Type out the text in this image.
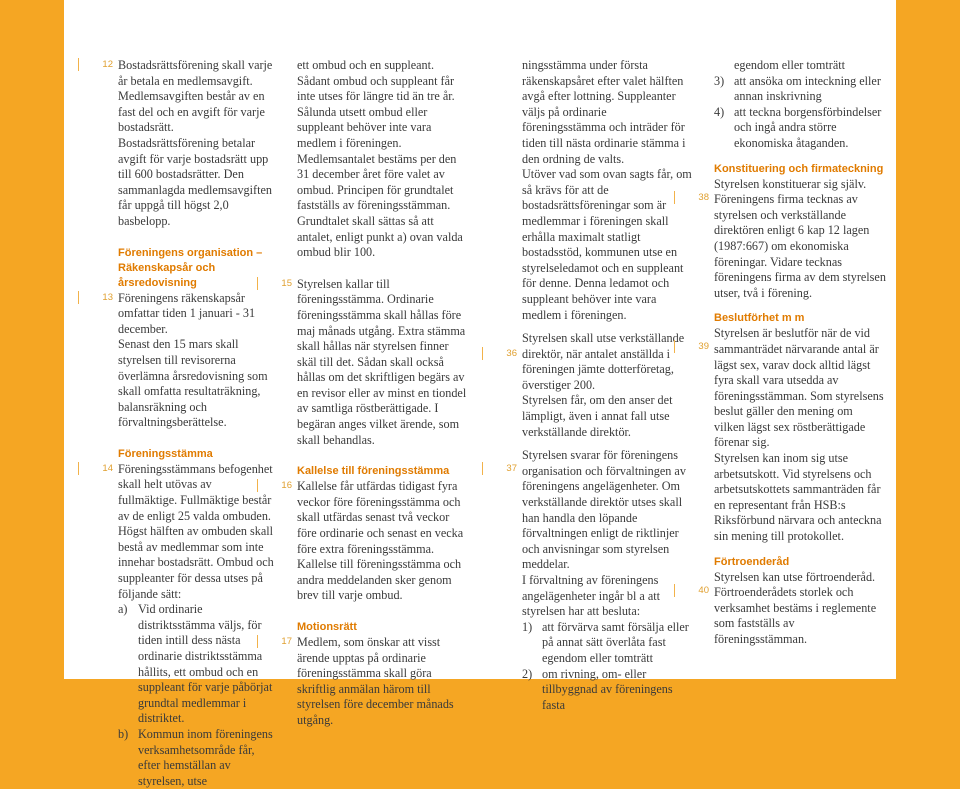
12 Bostadsrättsförening skall varje år betala en medlemsavgift. Medlemsavgiften består av en fast del och en avgift för varje bostadsrätt. Bostadsrättsförening betalar avgift för varje bostadsrätt upp till 600 bostadsrätter. Den sammanlagda medlemsavgiften får uppgå till högst 2,0 basbelopp.

Föreningens organisation – Räkenskapsår och årsredovisning

13 Föreningens räkenskapsår omfattar tiden 1 januari - 31 december.

Senast den 15 mars skall styrelsen till revisorerna överlämna årsredovisning som skall omfatta resultaträkning, balansräkning och förvaltningsberättelse.

Föreningsstämma

14 Föreningsstämmans befogenhet skall helt utövas av fullmäktige. Fullmäktige består av de enligt 25 valda ombuden. Högst hälften av ombuden skall bestå av medlemmar som inte innehar bostadsrätt. Ombud och suppleanter för dessa utses på följande sätt:

a) Vid ordinarie distriktsstämma väljs, för tiden intill dess nästa ordinarie distriktsstämma hållits, ett ombud och en suppleant för varje påbörjat grundtal medlemmar i distriktet.
b) Kommun inom föreningens verksamhetsområde får, efter hemställan av styrelsen, utse

ett ombud och en suppleant. Sådant ombud och suppleant får inte utses för längre tid än tre år. Sålunda utsett ombud eller suppleant behöver inte vara medlem i föreningen.

Medlemsantalet bestäms per den 31 december året före valet av ombud. Principen för grundtalet fastställs av föreningsstämman. Grundtalet skall sättas så att antalet, enligt punkt a) ovan valda ombud blir 100.

15 Styrelsen kallar till föreningsstämma. Ordinarie föreningsstämma skall hållas före maj månads utgång. Extra stämma skall hållas när styrelsen finner skäl till det. Sådan skall också hållas om det skriftligen begärs av en revisor eller av minst en tiondel av samtliga röstberättigade. I begäran anges vilket ärende, som skall behandlas.

Kallelse till föreningsstämma

16 Kallelse får utfärdas tidigast fyra veckor före föreningsstämma och skall utfärdas senast två veckor före ordinarie och senast en vecka före extra föreningsstämma. Kallelse till föreningsstämma och andra meddelanden sker genom brev till varje ombud.

Motionsrätt

17 Medlem, som önskar att visst ärende upptas på ordinarie föreningsstämma skall göra skriftlig anmälan härom till styrelsen före december månads utgång.

ningsstämma under första räkenskapsåret efter valet hälften avgå efter lottning. Suppleanter väljs på ordinarie föreningsstämma och inträder för tiden till nästa ordinarie stämma i den ordning de valts.

Utöver vad som ovan sagts får, om så krävs för att de bostadsrättsföreningar som är medlemmar i föreningen skall erhålla maximalt statligt bostadsstöd, kommunen utse en styrelseledamot och en suppleant för denne. Denna ledamot och suppleant behöver inte vara medlem i föreningen.

36

Styrelsen skall utse verkställande direktör, när antalet anställda i föreningen jämte dotterföretag, överstiger 200.

Styrelsen får, om den anser det lämpligt, även i annat fall utse verkställande direktör.

37

Styrelsen svarar för föreningens organisation och förvaltningen av föreningens angelägenheter. Om verkställande direktör utses skall han handla den löpande förvaltningen enligt de riktlinjer och anvisningar som styrelsen meddelar.

I förvaltning av föreningens angelägenheter ingår bl a att styrelsen har att besluta:

1) att förvärva samt försälja eller på annat sätt överlåta fast egendom eller tomträtt
2) om rivning, om- eller tillbyggnad av föreningens fasta

egendom eller tomträtt

3) att ansöka om inteckning eller annan inskrivning
4) att teckna borgensförbindelser och ingå andra större ekonomiska åtaganden.

Konstituering och firmateckning

38

Styrelsen konstituerar sig själv. Föreningens firma tecknas av styrelsen och verkställande direktören enligt 6 kap 12 lagen (1987:667) om ekonomiska föreningar. Vidare tecknas föreningens firma av dem styrelsen utser, två i förening.

Beslutförhet m m

39

Styrelsen är beslutför när de vid sammanträdet närvarande antal är lägst sex, varav dock alltid lägst fyra skall vara utsedda av föreningsstämman. Som styrelsens beslut gäller den mening om vilken lägst sex röstberättigade förenar sig.

Styrelsen kan inom sig utse arbetsutskott. Vid styrelsens och arbetsutskottets sammanträden får en representant från HSB:s Riksförbund närvara och anteckna sin mening till protokollet.

Förtroenderåd

40

Styrelsen kan utse förtroenderåd. Förtroenderådets storlek och verksamhet bestäms i reglemente som fastställs av föreningsstämman.
